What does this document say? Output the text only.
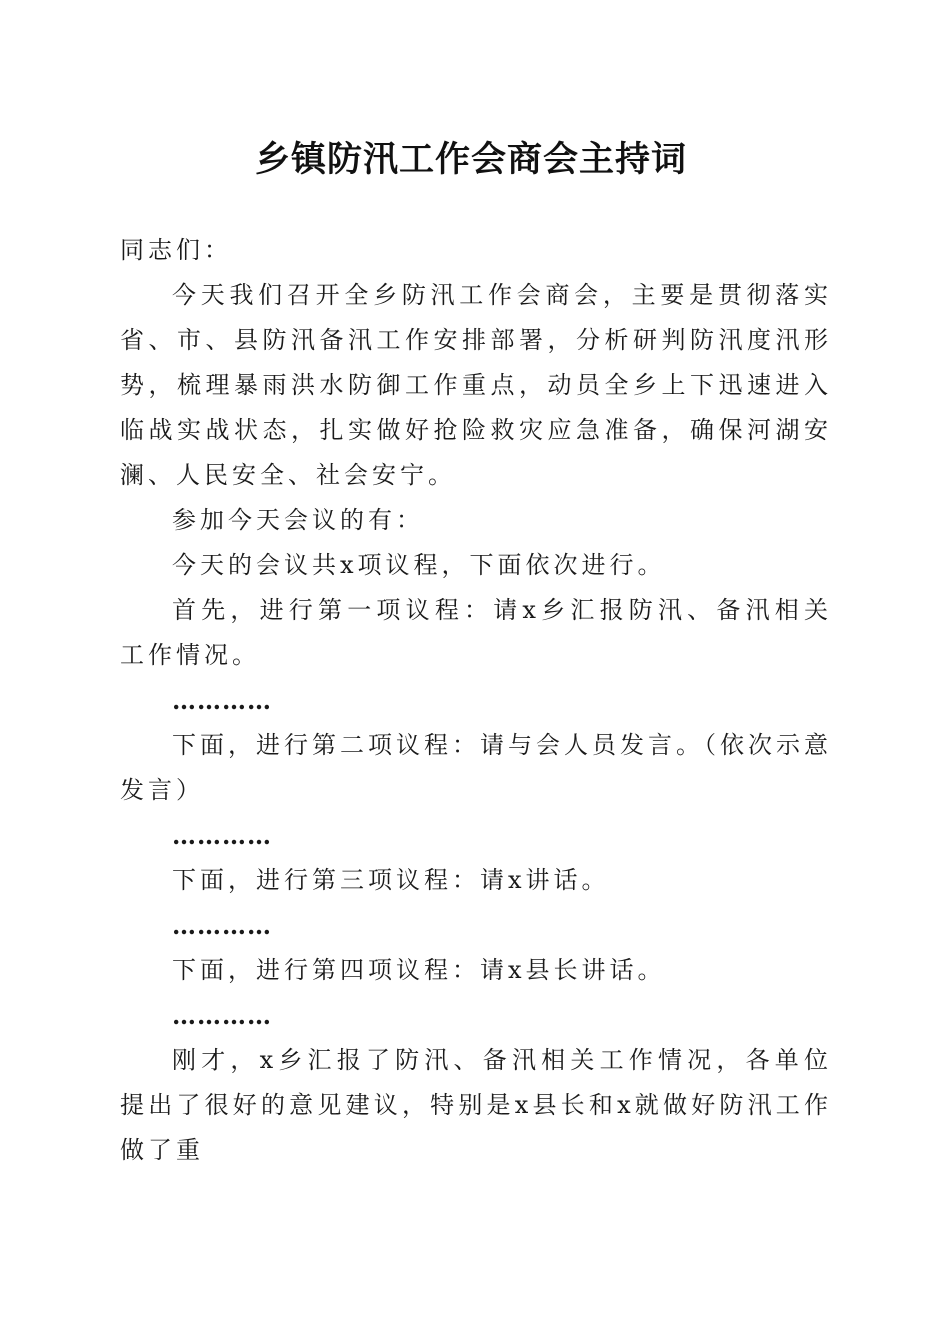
乡镇防汛工作会商会主持词

同志们：

今天我们召开全乡防汛工作会商会，主要是贯彻落实省、市、县防汛备汛工作安排部署，分析研判防汛度汛形势，梳理暴雨洪水防御工作重点，动员全乡上下迅速进入临战实战状态，扎实做好抢险救灾应急准备，确保河湖安澜、人民安全、社会安宁。

参加今天会议的有：

今天的会议共x项议程，下面依次进行。

首先，进行第一项议程：请x乡汇报防汛、备汛相关工作情况。

…………

下面，进行第二项议程：请与会人员发言。（依次示意发言）

…………

下面，进行第三项议程：请x讲话。

…………

下面，进行第四项议程：请x县长讲话。

…………

刚才，x乡汇报了防汛、备汛相关工作情况，各单位提出了很好的意见建议，特别是x县长和x就做好防汛工作做了重
